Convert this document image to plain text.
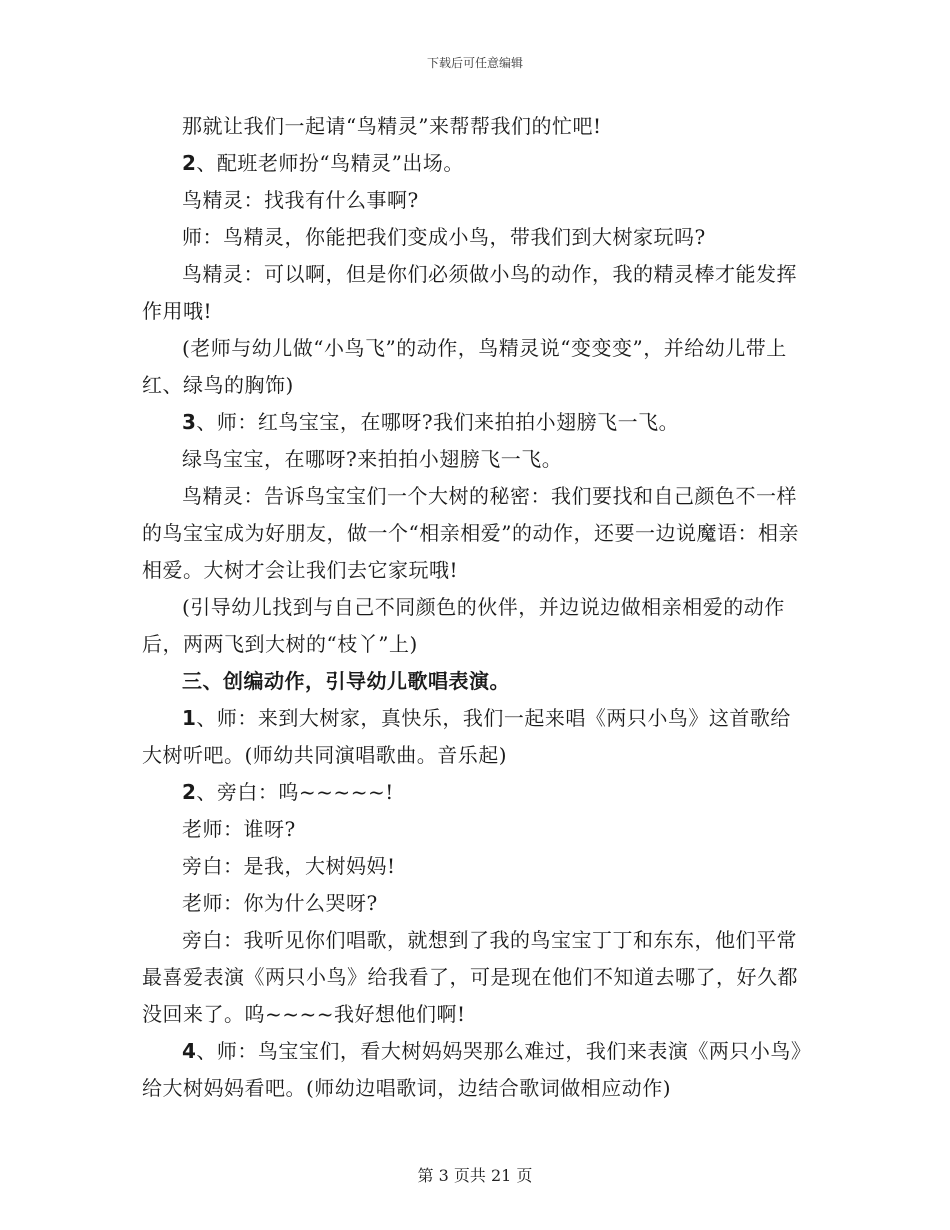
下载后可任意编辑

那就让我们一起请“鸟精灵”来帮帮我们的忙吧!

2、配班老师扮“鸟精灵”出场。

鸟精灵：找我有什么事啊?

师：鸟精灵，你能把我们变成小鸟，带我们到大树家玩吗?

鸟精灵：可以啊，但是你们必须做小鸟的动作，我的精灵棒才能发挥作用哦!

(老师与幼儿做“小鸟飞”的动作，鸟精灵说“变变变”，并给幼儿带上红、绿鸟的胸饰)

3、师：红鸟宝宝，在哪呀?我们来拍拍小翅膀飞一飞。

绿鸟宝宝，在哪呀?来拍拍小翅膀飞一飞。

鸟精灵：告诉鸟宝宝们一个大树的秘密：我们要找和自己颜色不一样的鸟宝宝成为好朋友，做一个“相亲相爱”的动作，还要一边说魔语：相亲相爱。大树才会让我们去它家玩哦!

(引导幼儿找到与自己不同颜色的伙伴，并边说边做相亲相爱的动作后，两两飞到大树的“枝丫”上)

三、创编动作，引导幼儿歌唱表演。

1、师：来到大树家，真快乐，我们一起来唱《两只小鸟》这首歌给大树听吧。(师幼共同演唱歌曲。音乐起)

2、旁白：呜~~~~~!

老师：谁呀?

旁白：是我，大树妈妈!

老师：你为什么哭呀?

旁白：我听见你们唱歌，就想到了我的鸟宝宝丁丁和东东，他们平常最喜爱表演《两只小鸟》给我看了，可是现在他们不知道去哪了，好久都没回来了。呜~~~~我好想他们啊!

4、师：鸟宝宝们，看大树妈妈哭那么难过，我们来表演《两只小鸟》给大树妈妈看吧。(师幼边唱歌词，边结合歌词做相应动作)

第 3 页共 21 页
